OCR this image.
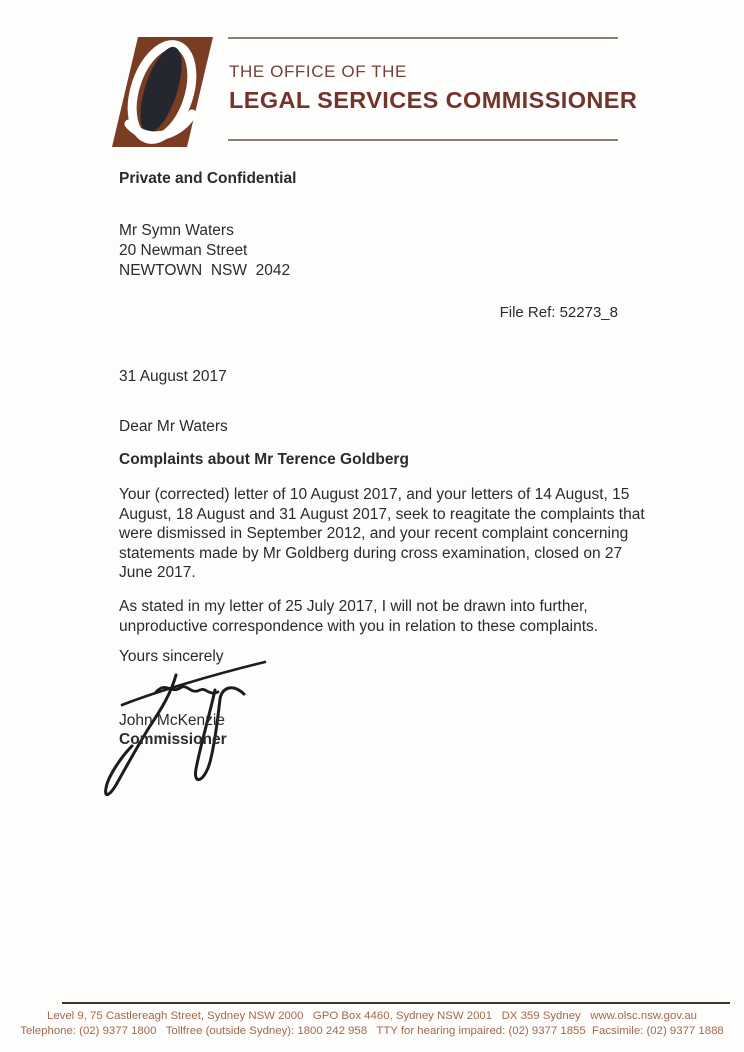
THE OFFICE OF THE

LEGAL SERVICES COMMISSIONER

Private and Confidential
Mr Symn Waters
20 Newman Street
NEWTOWN  NSW  2042
File Ref: 52273_8
31 August 2017
Dear Mr Waters
Complaints about Mr Terence Goldberg
Your (corrected) letter of 10 August 2017, and your letters of 14 August, 15
August, 18 August and 31 August 2017, seek to reagitate the complaints that
were dismissed in September 2012, and your recent complaint concerning
statements made by Mr Goldberg during cross examination, closed on 27
June 2017.
As stated in my letter of 25 July 2017, I will not be drawn into further,
unproductive correspondence with you in relation to these complaints.
Yours sincerely
John McKenzie
Commissioner
Level 9, 75 Castlereagh Street, Sydney NSW 2000   GPO Box 4460, Sydney NSW 2001   DX 359 Sydney   www.olsc.nsw.gov.au
Telephone: (02) 9377 1800   Tollfree (outside Sydney): 1800 242 958   TTY for hearing impaired: (02) 9377 1855  Facsimile: (02) 9377 1888
